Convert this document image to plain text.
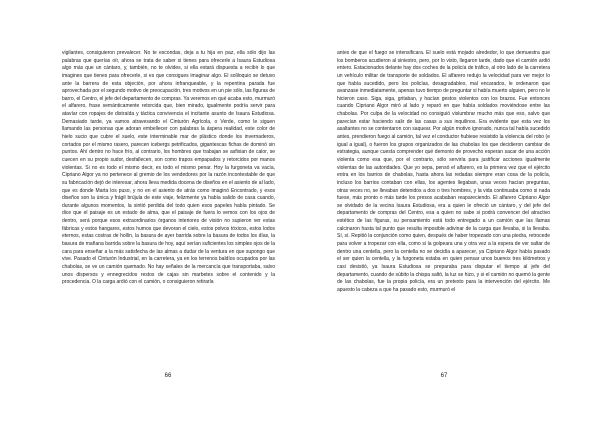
vigilantes, consiguieron prevalecer. No te escondas, deja a tu hija en paz, ella sólo dijo las palabras que querías oír, ahora se trata de saber si tienes para ofrecerle a Isaura Estudiosa algo más que un cántaro, y, también, no te olvides, si ella estará dispuesta a recibir lo que imagines que tienes para ofrecerle, si es que consigues imaginar algo. El soliloquio se detuvo ante la barrera de esta objeción, por ahora infranqueable, y la repentina parada fue aprovechada por el segundo motivo de preocupación, tres motivos en un pie sólo, las figuras de barro, el Centro, el jefe del departamento de compras. Ya veremos en qué acaba esto, murmuró el alfarero, frase semánticamente retorcida que, bien mirado, igualmente podría servir para atavíar con ropajes de distraída y táctica convivencia el incitante asunto de Isaura Estudiosa. Demasiado tarde, ya vamos atravesando el Cinturón Agrícola, o Verde, como le siguen llamando las personas que adoran embellecer con palabras la áspera realidad, este color de hielo sucio que cubre el suelo, este interminable mar de plástico donde los invernaderos, cortados por el mismo rasero, parecen icebergs petrificados, gigantescas fichas de dominó sin puntos. Ahí dentro no hace frío, al contrario, los hombres que trabajan se asfixian de calor, se cuecen en su propio sudor, desfallecen, son como trapos empapados y retorcidos por manos violentas. Si no es todo el mismo decir, es todo el mismo penar. Hoy la furgoneta va vacía, Cipriano Algor ya no pertenece al gremio de los vendedores por la razón incontestable de que su fabricación dejó de interesar, ahora lleva medida docena de diseños en el asiento de al lado, que es donde Marta los puso, y no en el asiento de atrás como imaginó Encontrado, y esos diseños son la única y frágil brújula de este viaje, felizmente ya había salido de casa cuando, durante algunos momentos, la sintió perdida del todo quien esos papeles había pintado. Se dice que el paisaje es un estado de alma, que el paisaje de fuera lo vemos con los ojos de dentro, será porque esos extraordinarios órganos interiores de visión no supieron ver estas fábricas y estos hangares, estos humos que devoran el cielo, estos polvos tóxicos, estos lodos eternos, estas costras de hollín, la basura de ayer barrida sobre la basura de todos los días, la basura de mañana barrida sobre la basura de hoy, aquí serían suficientes los simples ojos de la cara para enseñar a la más satisfecha de las almas a dudar de la ventura en que supongo que vive. Pasado el Cinturón Industrial, en la carretera, ya en los terrenos baldíos ocupados por las chabolas, se ve un camión quemado. No hay señales de la mercancía que transportaba, salvo unos dispersos y ennegrecidos restos de cajas sin marbetes sobre el contenido y la procedencia. O la carga ardió con el camión, o consiguieron retirarla

66

antes de que el fuego se intensificara. El suelo está mojado alrededor, lo que demuestra que los bomberos acudieron al siniestro, pero, por lo visto, llegaron tarde, dado que el camión ardió entero. Estacionados delante hay dos coches de la policía de tráfico, al otro lado de la carretera un vehículo militar de transporte de soldados. El alfarero redujo la velocidad para ver mejor lo que había sucedido, pero los policías, desagradables, mal encarados, le ordenaron que avanzase inmediatamente, apenas tuvo tiempo de preguntar si había muerto alguien, pero no le hicieron caso. Siga, siga, gritaban, y hacían gestos violentos con los brazos. Fue entonces cuando Cipriano Algor miró al lado y reparó en que había soldados moviéndose entre las chabolas. Por culpa de la velocidad no consiguió vislumbrar mucho más que eso, salvo que parecían estar haciendo salir de las casas a sus inquilinos. Era evidente que esta vez los asaltantes no se contentaron con saquear. Por algún motivo ignorado, nunca tal había sucedido antes, prendieron fuego al camión, tal vez el conductor hubiese resistido la violencia del robo (e igual a igual), o fueron los grupos organizados de las chabolas los que decidieron cambiar de estrategia, aunque cuesta comprender qué demonio de provecho esperan sacar de una acción violenta como esa que, por el contrario, sólo serviría para justificar acciones igualmente violentas de las autoridades. Que yo sepa, pensó el alfarero, es la primera vez que el ejército entra en los barrios de chabolas, hasta ahora las redadas siempre eran cosa de la policía, incluso los barrios contaban con ellas, los agentes llegaban, unas veces hacían preguntas, otras veces no, se llevaban detenidos a dos o tres hombres, y la vida continuaba como si nada fuese, más pronto o más tarde los presos acababan reapareciendo. El alfarero Cipriano Algor se olvidado de la vecina Isaura Estudiosa, era a quien le ofreció un cántaro, y del jefe del departamento de compras del Centro, esa a quien no sabe si podrá convencer del atractivo estético de las figuras, su pensamiento está todo entregado a un camión que las llamas calcinaron hasta tal punto que resulta imposible adivinar de la carga que llevaba, si la llevaba. Sí, sí. Repitió la conjunción como quien, después de haber tropezado con una piedra, retrocede para volver a tropezar con ella, como si la golpeara una y otra vez a la espera de ver saltar de dentro una centella, pero la centella no se decidía a aparecer, ya Cipriano Algor había pasado el ser quien la centella, y la furgoneta estaba en quien pensar unos buenos tres kilómetros y casi desistió, ya Isaura Estudiosa se preparaba para disputar el tiempo al jefe del departamento, cuando de súbito la chispa saltó, la luz se hizo, y si el camión no quemó la gente de las chabolas, fue la propia policía, era un pretexto para la intervención del ejército. Me apuesto la cabeza a que ha pasado esto, murmuró el

67
